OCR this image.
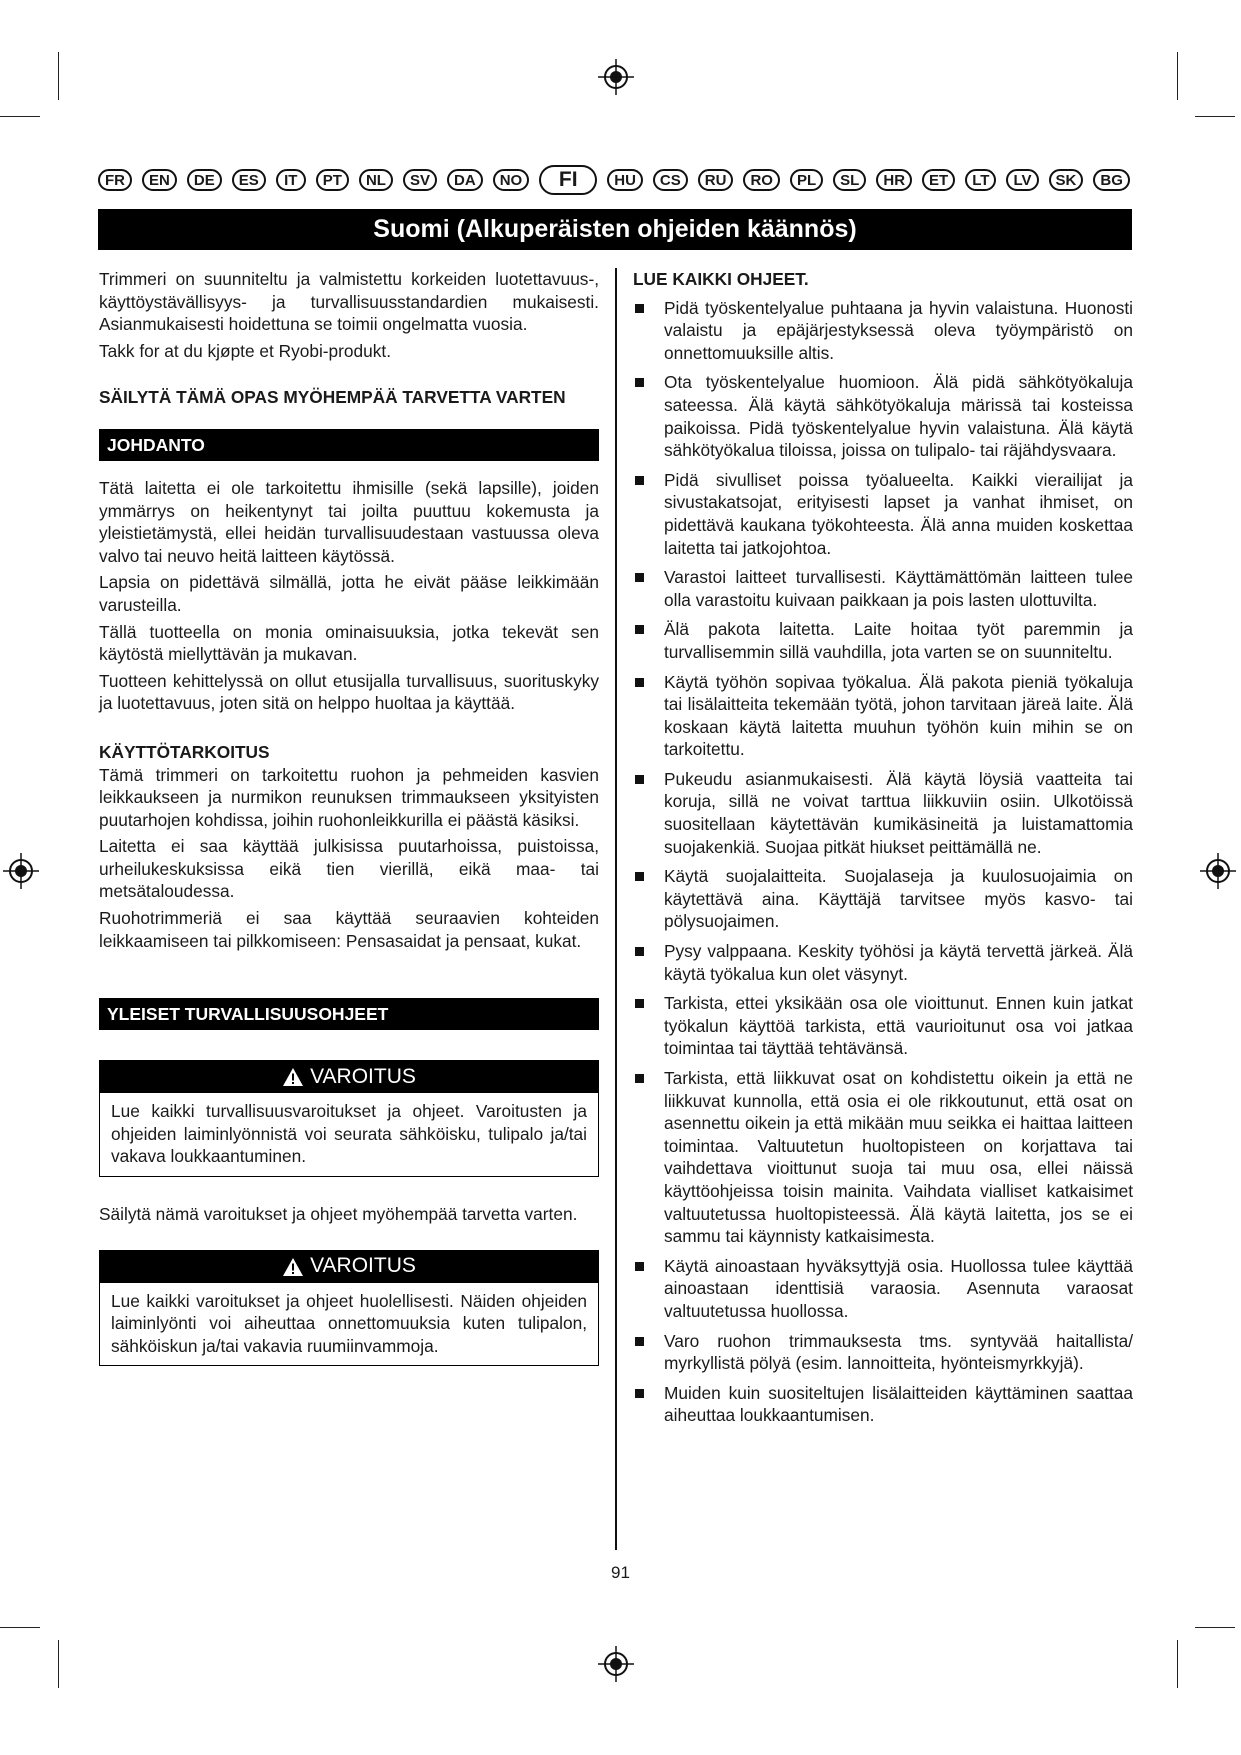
FR	EN	DE	ES	IT	PT	NL	SV	DA	NO	FI	HU	CS	RU	RO	PL	SL	HR	ET	LT	LV	SK	BG
Suomi (Alkuperäisten ohjeiden käännös)

Trimmeri on suunniteltu ja valmistettu korkeiden luotettavuus-, käyttöystävällisyys- ja turvallisuusstandardien mukaisesti. Asianmukaisesti hoidettuna se toimii ongelmatta vuosia.

Takk for at du kjøpte et Ryobi-produkt.

SÄILYTÄ TÄMÄ OPAS MYÖHEMPÄÄ TARVETTA VARTEN

JOHDANTO

Tätä laitetta ei ole tarkoitettu ihmisille (sekä lapsille), joiden ymmärrys on heikentynyt tai joilta puuttuu kokemusta ja yleistietämystä, ellei heidän turvallisuudestaan vastuussa oleva valvo tai neuvo heitä laitteen käytössä.

Lapsia on pidettävä silmällä, jotta he eivät pääse leikkimään varusteilla.

Tällä tuotteella on monia ominaisuuksia, jotka tekevät sen käytöstä miellyttävän ja mukavan.

Tuotteen kehittelyssä on ollut etusijalla turvallisuus, suorituskyky ja luotettavuus, joten sitä on helppo huoltaa ja käyttää.

KÄYTTÖTARKOITUS

Tämä trimmeri on tarkoitettu ruohon ja pehmeiden kasvien leikkaukseen ja nurmikon reunuksen trimmaukseen yksityisten puutarhojen kohdissa, joihin ruohonleikkurilla ei päästä käsiksi.

Laitetta ei saa käyttää julkisissa puutarhoissa, puistoissa, urheilukeskuksissa eikä tien vierillä, eikä maa- tai metsätaloudessa.

Ruohotrimmeriä ei saa käyttää seuraavien kohteiden leikkaamiseen tai pilkkomiseen: Pensasaidat ja pensaat, kukat.

YLEISET TURVALLISUUSOHJEET
VAROITUS

Lue kaikki turvallisuusvaroitukset ja ohjeet. Varoitusten ja ohjeiden laiminlyönnistä voi seurata sähköisku, tulipalo ja/tai vakava loukkaantuminen.

Säilytä nämä varoitukset ja ohjeet myöhempää tarvetta varten.

VAROITUS

Lue kaikki varoitukset ja ohjeet huolellisesti. Näiden ohjeiden laiminlyönti voi aiheuttaa onnettomuuksia kuten tulipalon, sähköiskun ja/tai vakavia ruumiinvammoja.

LUE KAIKKI OHJEET.

Pidä työskentelyalue puhtaana ja hyvin valaistuna. Huonosti valaistu ja epäjärjestyksessä oleva työympäristö on onnettomuuksille altis.
Ota työskentelyalue huomioon. Älä pidä sähkötyökaluja sateessa. Älä käytä sähkötyökaluja märissä tai kosteissa paikoissa. Pidä työskentelyalue hyvin valaistuna. Älä käytä sähkötyökalua tiloissa, joissa on tulipalo- tai räjähdysvaara.
Pidä sivulliset poissa työalueelta. Kaikki vierailijat ja sivustakatsojat, erityisesti lapset ja vanhat ihmiset, on pidettävä kaukana työkohteesta. Älä anna muiden koskettaa laitetta tai jatkojohtoa.
Varastoi laitteet turvallisesti. Käyttämättömän laitteen tulee olla varastoitu kuivaan paikkaan ja pois lasten ulottuvilta.
Älä pakota laitetta. Laite hoitaa työt paremmin ja turvallisemmin sillä vauhdilla, jota varten se on suunniteltu.
Käytä työhön sopivaa työkalua. Älä pakota pieniä työkaluja tai lisälaitteita tekemään työtä, johon tarvitaan järeä laite. Älä koskaan käytä laitetta muuhun työhön kuin mihin se on tarkoitettu.
Pukeudu asianmukaisesti. Älä käytä löysiä vaatteita tai koruja, sillä ne voivat tarttua liikkuviin osiin. Ulkotöissä suositellaan käytettävän kumikäsineitä ja luistamattomia suojakenkiä. Suojaa pitkät hiukset peittämällä ne.
Käytä suojalaitteita. Suojalaseja ja kuulosuojaimia on käytettävä aina. Käyttäjä tarvitsee myös kasvo- tai pölysuojaimen.
Pysy valppaana. Keskity työhösi ja käytä tervettä järkeä. Älä käytä työkalua kun olet väsynyt.
Tarkista, ettei yksikään osa ole vioittunut. Ennen kuin jatkat työkalun käyttöä tarkista, että vaurioitunut osa voi jatkaa toimintaa tai täyttää tehtävänsä.
Tarkista, että liikkuvat osat on kohdistettu oikein ja että ne liikkuvat kunnolla, että osia ei ole rikkoutunut, että osat on asennettu oikein ja että mikään muu seikka ei haittaa laitteen toimintaa. Valtuutetun huoltopisteen on korjattava tai vaihdettava vioittunut suoja tai muu osa, ellei näissä käyttöohjeissa toisin mainita. Vaihdata vialliset katkaisimet valtuutetussa huoltopisteessä. Älä käytä laitetta, jos se ei sammu tai käynnisty katkaisimesta.
Käytä ainoastaan hyväksyttyjä osia. Huollossa tulee käyttää ainoastaan identtisiä varaosia. Asennuta varaosat valtuutetussa huollossa.
Varo ruohon trimmauksesta tms. syntyvää haitallista/ myrkyllistä pölyä (esim. lannoitteita, hyönteismyrkkyjä).
Muiden kuin suositeltujen lisälaitteiden käyttäminen saattaa aiheuttaa loukkaantumisen.
91
